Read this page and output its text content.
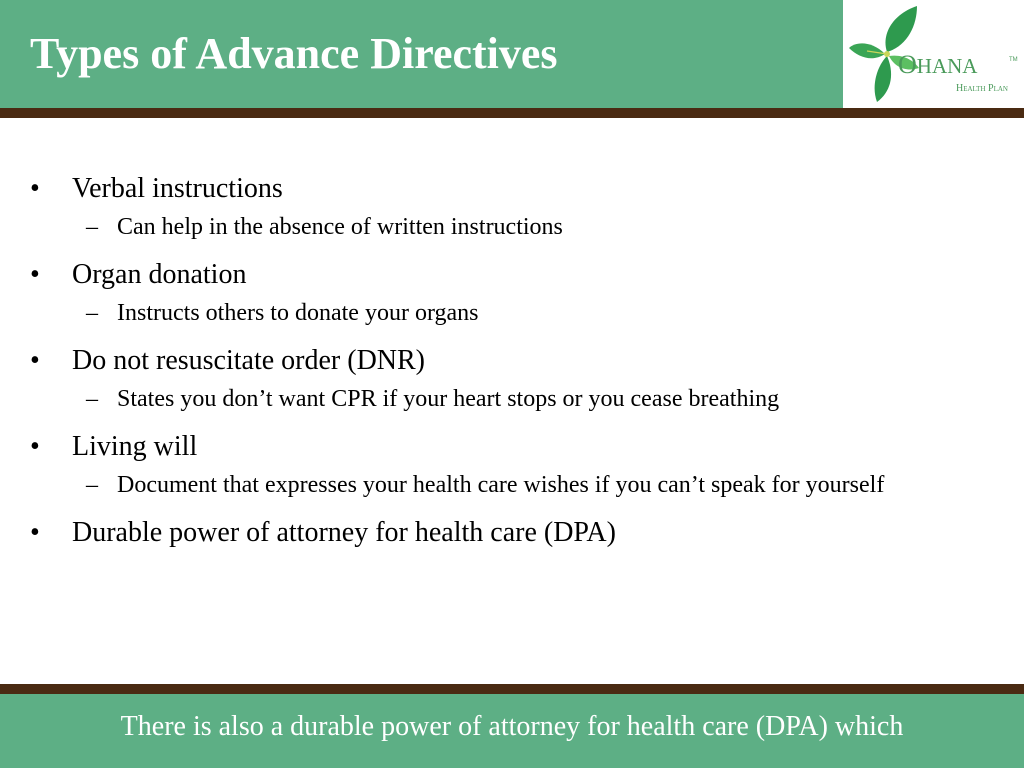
Types of Advance Directives	OHANA	TM
Health Plan
• Verbal instructions
– Can help in the absence of written instructions
• Organ donation
– Instructs others to donate your organs
• Do not resuscitate order (DNR)
– States you don’t want CPR if your heart stops or you cease breathing
• Living will
– Document that expresses your health care wishes if you can’t speak for yourself
• Durable power of attorney for health care (DPA)
There is also a durable power of attorney for health care (DPA) which
